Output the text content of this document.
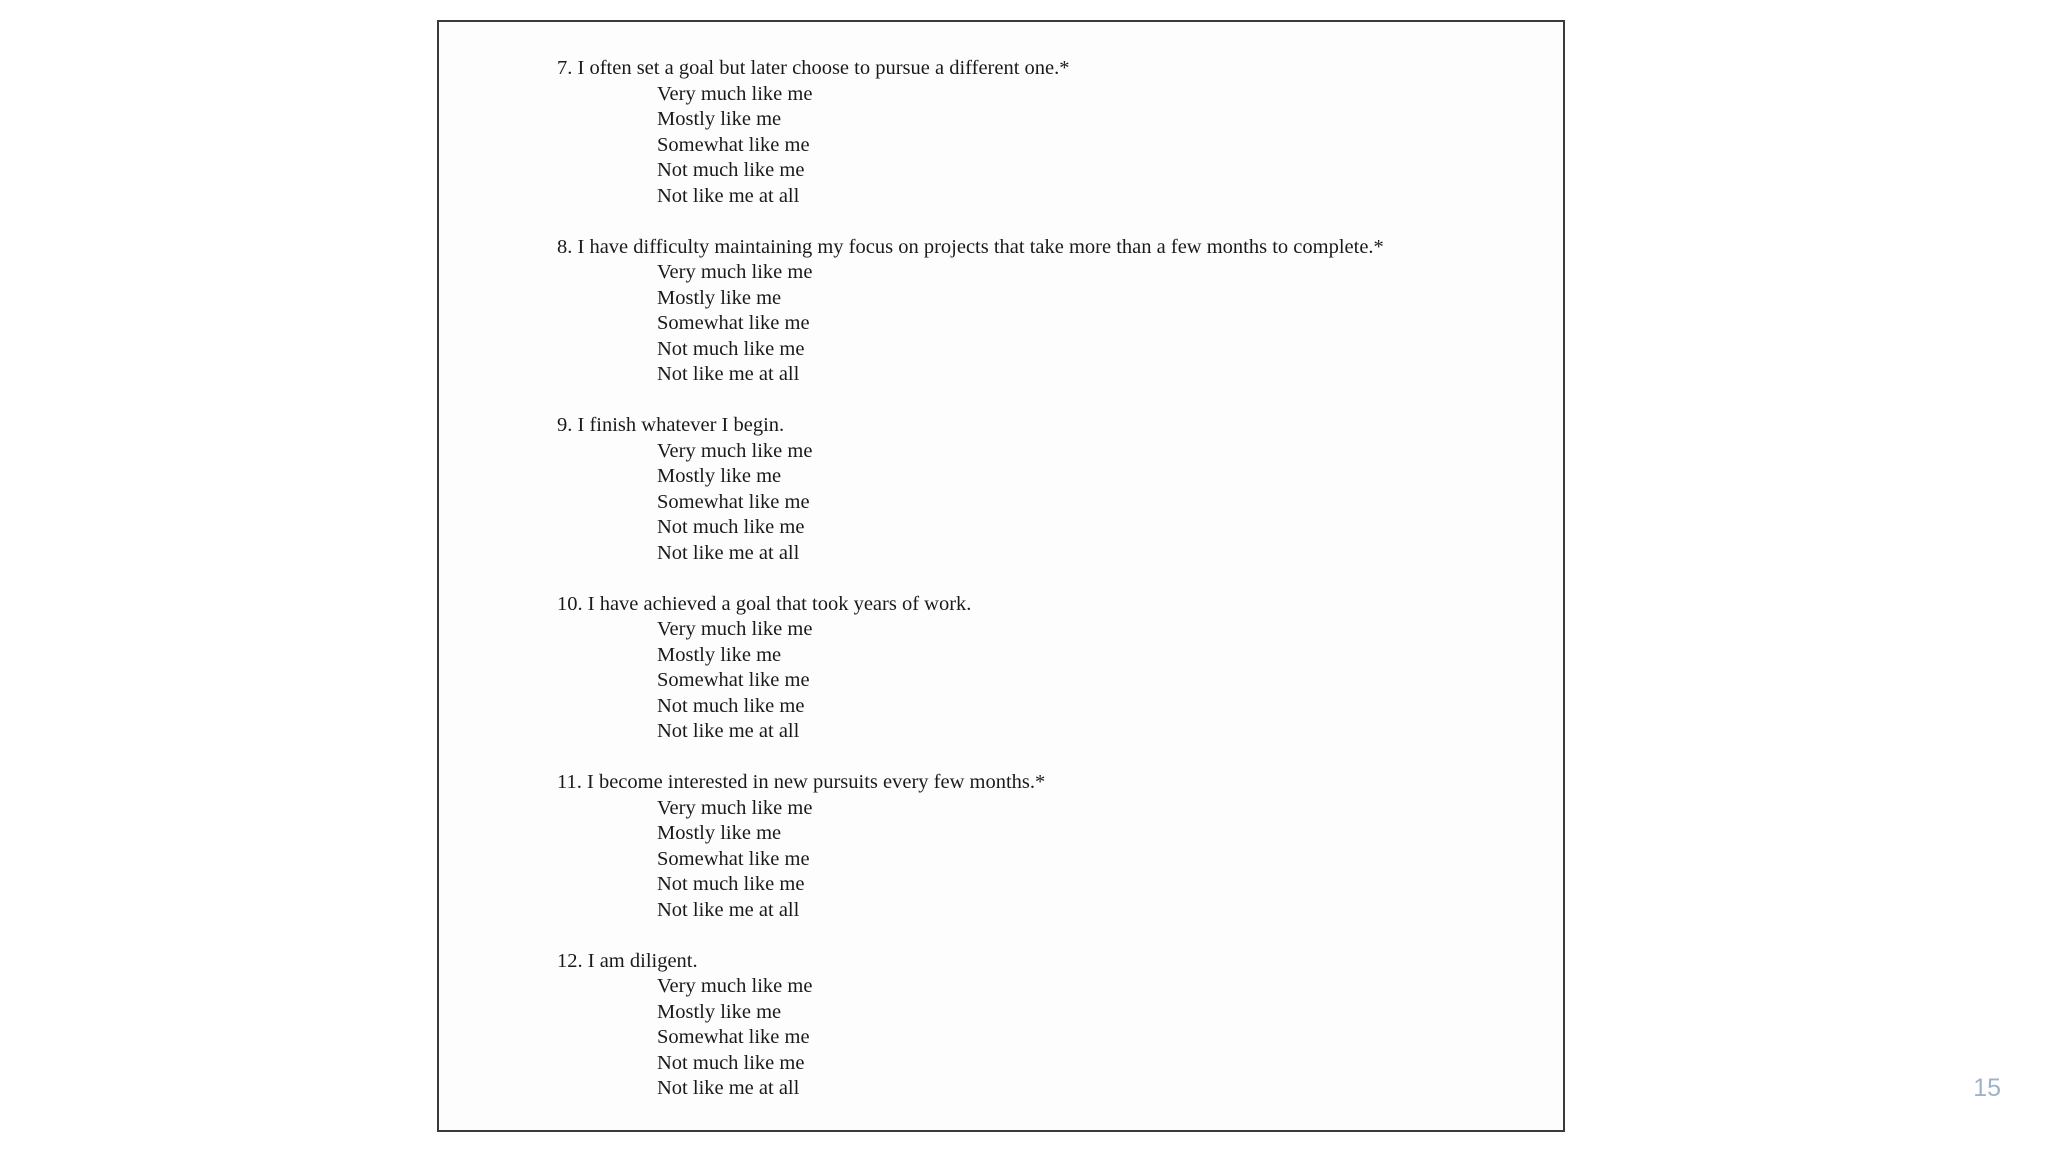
7. I often set a goal but later choose to pursue a different one.*
Very much like me
Mostly like me
Somewhat like me
Not much like me
Not like me at all
8. I have difficulty maintaining my focus on projects that take more than a few months to complete.*
Very much like me
Mostly like me
Somewhat like me
Not much like me
Not like me at all
9. I finish whatever I begin.
Very much like me
Mostly like me
Somewhat like me
Not much like me
Not like me at all
10. I have achieved a goal that took years of work.
Very much like me
Mostly like me
Somewhat like me
Not much like me
Not like me at all
11. I become interested in new pursuits every few months.*
Very much like me
Mostly like me
Somewhat like me
Not much like me
Not like me at all
12. I am diligent.
Very much like me
Mostly like me
Somewhat like me
Not much like me
Not like me at all	15
